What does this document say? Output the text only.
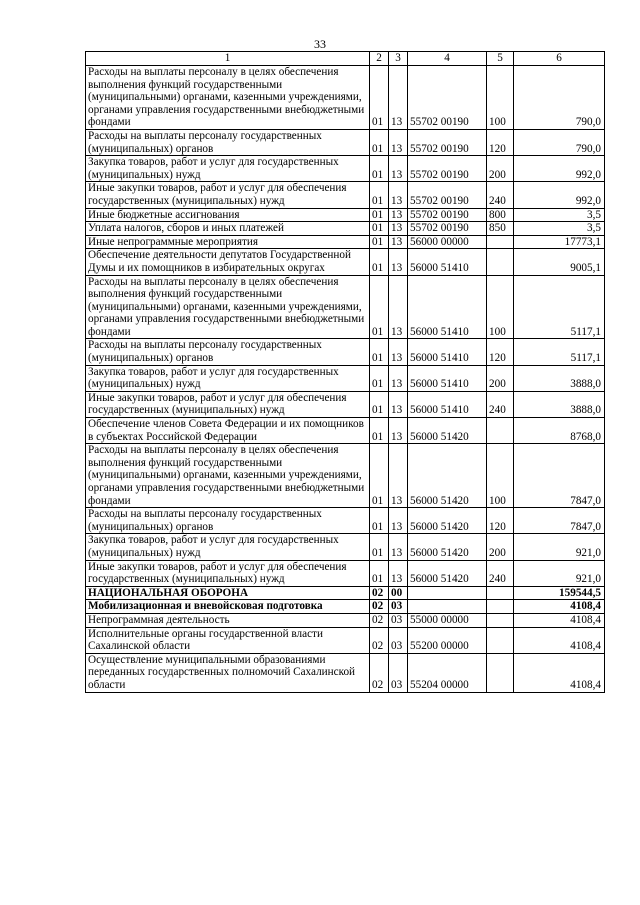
33
1	2	3	4	5	6
Расходы на выплаты персоналу в целях обеспечения выполнения функций государственными (муниципальными) органами, казенными учреждениями, органами управления государственными внебюджетными фондами	01	13	55702 00190	100	790,0
Расходы на выплаты персоналу государственных (муниципальных) органов	01	13	55702 00190	120	790,0
Закупка товаров, работ и услуг для государственных (муниципальных) нужд	01	13	55702 00190	200	992,0
Иные закупки товаров, работ и услуг для обеспечения государственных (муниципальных) нужд	01	13	55702 00190	240	992,0
Иные бюджетные ассигнования	01	13	55702 00190	800	3,5
Уплата налогов, сборов и иных платежей	01	13	55702 00190	850	3,5
Иные непрограммные мероприятия	01	13	56000 00000		17773,1
Обеспечение деятельности депутатов Государственной Думы и их помощников в избирательных округах	01	13	56000 51410		9005,1
Расходы на выплаты персоналу в целях обеспечения выполнения функций государственными (муниципальными) органами, казенными учреждениями, органами управления государственными внебюджетными фондами	01	13	56000 51410	100	5117,1
Расходы на выплаты персоналу государственных (муниципальных) органов	01	13	56000 51410	120	5117,1
Закупка товаров, работ и услуг для государственных (муниципальных) нужд	01	13	56000 51410	200	3888,0
Иные закупки товаров, работ и услуг для обеспечения государственных (муниципальных) нужд	01	13	56000 51410	240	3888,0
Обеспечение членов Совета Федерации и их помощников в субъектах Российской Федерации	01	13	56000 51420		8768,0
Расходы на выплаты персоналу в целях обеспечения выполнения функций государственными (муниципальными) органами, казенными учреждениями, органами управления государственными внебюджетными фондами	01	13	56000 51420	100	7847,0
Расходы на выплаты персоналу государственных (муниципальных) органов	01	13	56000 51420	120	7847,0
Закупка товаров, работ и услуг для государственных (муниципальных) нужд	01	13	56000 51420	200	921,0
Иные закупки товаров, работ и услуг для обеспечения государственных (муниципальных) нужд	01	13	56000 51420	240	921,0
НАЦИОНАЛЬНАЯ ОБОРОНА	02	00			159544,5
Мобилизационная и вневойсковая подготовка	02	03			4108,4
Непрограммная деятельность	02	03	55000 00000		4108,4
Исполнительные органы государственной власти Сахалинской области	02	03	55200 00000		4108,4
Осуществление муниципальными образованиями переданных государственных полномочий Сахалинской области	02	03	55204 00000		4108,4
